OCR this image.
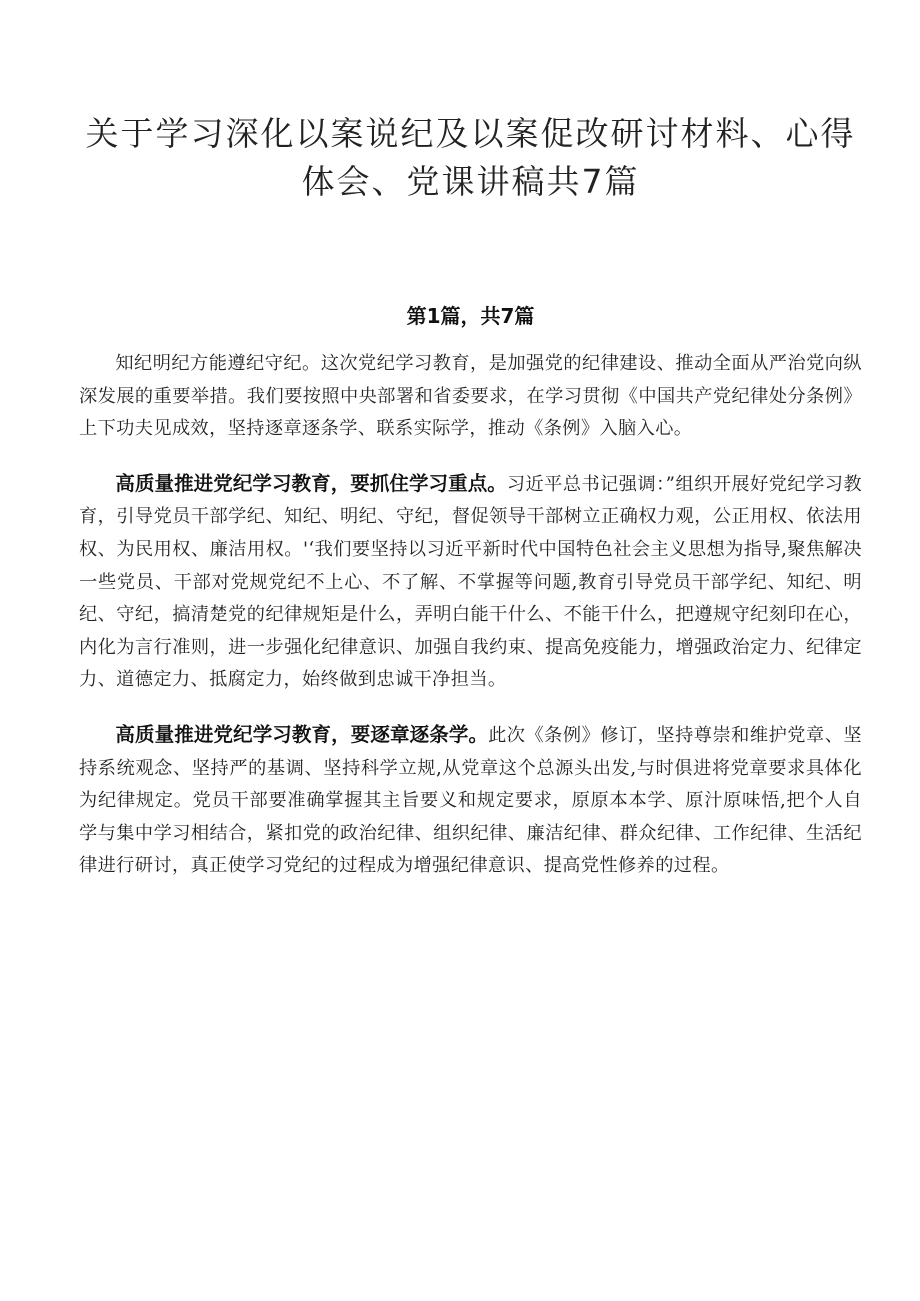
关于学习深化以案说纪及以案促改研讨材料、心得
体会、党课讲稿共7篇
第1篇，共7篇

知纪明纪方能遵纪守纪。这次党纪学习教育，是加强党的纪律建设、推动全面从严治党向纵深发展的重要举措。我们要按照中央部署和省委要求，在学习贯彻《中国共产党纪律处分条例》上下功夫见成效，坚持逐章逐条学、联系实际学，推动《条例》入脑入心。

高质量推进党纪学习教育，要抓住学习重点。习近平总书记强调：”组织开展好党纪学习教育，引导党员干部学纪、知纪、明纪、守纪，督促领导干部树立正确权力观，公正用权、依法用权、为民用权、廉洁用权。'‘我们要坚持以习近平新时代中国特色社会主义思想为指导,聚焦解决一些党员、干部对党规党纪不上心、不了解、不掌握等问题,教育引导党员干部学纪、知纪、明纪、守纪，搞清楚党的纪律规矩是什么，弄明白能干什么、不能干什么，把遵规守纪刻印在心，内化为言行准则，进一步强化纪律意识、加强自我约束、提高免疫能力，增强政治定力、纪律定力、道德定力、抵腐定力，始终做到忠诚干净担当。

高质量推进党纪学习教育，要逐章逐条学。此次《条例》修订，坚持尊崇和维护党章、坚持系统观念、坚持严的基调、坚持科学立规,从党章这个总源头出发,与时俱进将党章要求具体化为纪律规定。党员干部要准确掌握其主旨要义和规定要求，原原本本学、原汁原味悟,把个人自学与集中学习相结合，紧扣党的政治纪律、组织纪律、廉洁纪律、群众纪律、工作纪律、生活纪律进行研讨，真正使学习党纪的过程成为增强纪律意识、提高党性修养的过程。
